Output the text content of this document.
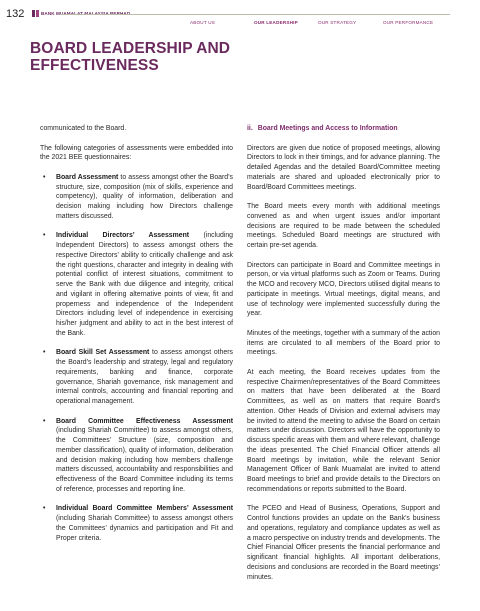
132	BANK MUAMALAT MALAYSIA BERHAD
ABOUT US	OUR LEADERSHIP	OUR STRATEGY	OUR PERFORMANCE
BOARD LEADERSHIP AND
EFFECTIVENESS

communicated to the Board.

The following categories of assessments were embedded into the 2021 BEE questionnaires:

• Board Assessment to assess amongst other the Board’s structure, size, composition (mix of skills, experience and competency), quality of information, deliberation and decision making including how Directors challenge matters discussed.
• Individual Directors’ Assessment (including Independent Directors) to assess amongst others the respective Directors’ ability to critically challenge and ask the right questions, character and integrity in dealing with potential conflict of interest situations, commitment to serve the Bank with due diligence and integrity, critical and vigilant in offering alternative points of view, fit and properness and independence of the Independent Directors including level of independence in exercising his/her judgment and ability to act in the best interest of the Bank.
• Board Skill Set Assessment to assess amongst others the Board’s leadership and strategy, legal and regulatory requirements, banking and finance, corporate governance, Shariah governance, risk management and internal controls, accounting and financial reporting and operational management.
• Board Committee Effectiveness Assessment (including Shariah Committee) to assess amongst others, the Committees’ Structure (size, composition and member classification), quality of information, deliberation and decision making including how members challenge matters discussed, accountability and responsibilities and effectiveness of the Board Committee including its terms of reference, processes and reporting line.
• Individual Board Committee Members’ Assessment (including Shariah Committee) to assess amongst others the Committees’ dynamics and participation and Fit and Proper criteria.

ii. Board Meetings and Access to Information

Directors are given due notice of proposed meetings, allowing Directors to lock in their timings, and for advance planning. The detailed Agendas and the detailed Board/Committee meeting materials are shared and uploaded electronically prior to Board/Board Committees meetings.

The Board meets every month with additional meetings convened as and when urgent issues and/or important decisions are required to be made between the scheduled meetings. Scheduled Board meetings are structured with certain pre-set agenda.

Directors can participate in Board and Committee meetings in person, or via virtual platforms such as Zoom or Teams. During the MCO and recovery MCO, Directors utilised digital means to participate in meetings. Virtual meetings, digital means, and use of technology were implemented successfully during the year.

Minutes of the meetings, together with a summary of the action items are circulated to all members of the Board prior to meetings.

At each meeting, the Board receives updates from the respective Chairmen/representatives of the Board Committees on matters that have been deliberated at the Board Committees, as well as on matters that require Board’s attention. Other Heads of Division and external advisers may be invited to attend the meeting to advise the Board on certain matters under discussion. Directors will have the opportunity to discuss specific areas with them and where relevant, challenge the ideas presented. The Chief Financial Officer attends all Board meetings by invitation, while the relevant Senior Management Officer of Bank Muamalat are invited to attend Board meetings to brief and provide details to the Directors on recommendations or reports submitted to the Board.

The PCEO and Head of Business, Operations, Support and Control functions provides an update on the Bank’s business and operations, regulatory and compliance updates as well as a macro perspective on industry trends and developments. The Chief Financial Officer presents the financial performance and significant financial highlights. All important deliberations, decisions and conclusions are recorded in the Board meetings’ minutes.
